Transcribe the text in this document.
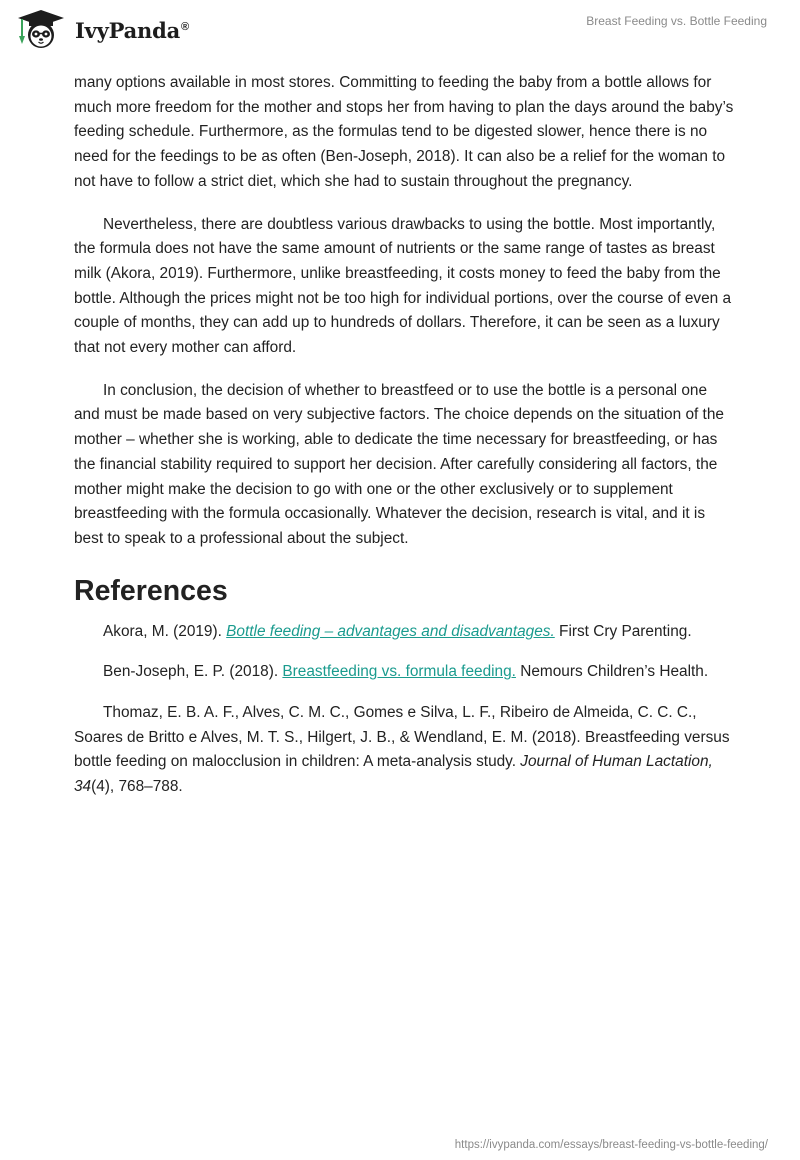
IvyPanda®	Breast Feeding vs. Bottle Feeding

many options available in most stores. Committing to feeding the baby from a bottle allows for much more freedom for the mother and stops her from having to plan the days around the baby’s feeding schedule. Furthermore, as the formulas tend to be digested slower, hence there is no need for the feedings to be as often (Ben-Joseph, 2018). It can also be a relief for the woman to not have to follow a strict diet, which she had to sustain throughout the pregnancy.

Nevertheless, there are doubtless various drawbacks to using the bottle. Most importantly, the formula does not have the same amount of nutrients or the same range of tastes as breast milk (Akora, 2019). Furthermore, unlike breastfeeding, it costs money to feed the baby from the bottle. Although the prices might not be too high for individual portions, over the course of even a couple of months, they can add up to hundreds of dollars. Therefore, it can be seen as a luxury that not every mother can afford.

In conclusion, the decision of whether to breastfeed or to use the bottle is a personal one and must be made based on very subjective factors. The choice depends on the situation of the mother – whether she is working, able to dedicate the time necessary for breastfeeding, or has the financial stability required to support her decision. After carefully considering all factors, the mother might make the decision to go with one or the other exclusively or to supplement breastfeeding with the formula occasionally. Whatever the decision, research is vital, and it is best to speak to a professional about the subject.

References

Akora, M. (2019). Bottle feeding – advantages and disadvantages. First Cry Parenting.

Ben-Joseph, E. P. (2018). Breastfeeding vs. formula feeding. Nemours Children’s Health.

Thomaz, E. B. A. F., Alves, C. M. C., Gomes e Silva, L. F., Ribeiro de Almeida, C. C. C., Soares de Britto e Alves, M. T. S., Hilgert, J. B., & Wendland, E. M. (2018). Breastfeeding versus bottle feeding on malocclusion in children: A meta-analysis study. Journal of Human Lactation, 34(4), 768–788.

https://ivypanda.com/essays/breast-feeding-vs-bottle-feeding/
